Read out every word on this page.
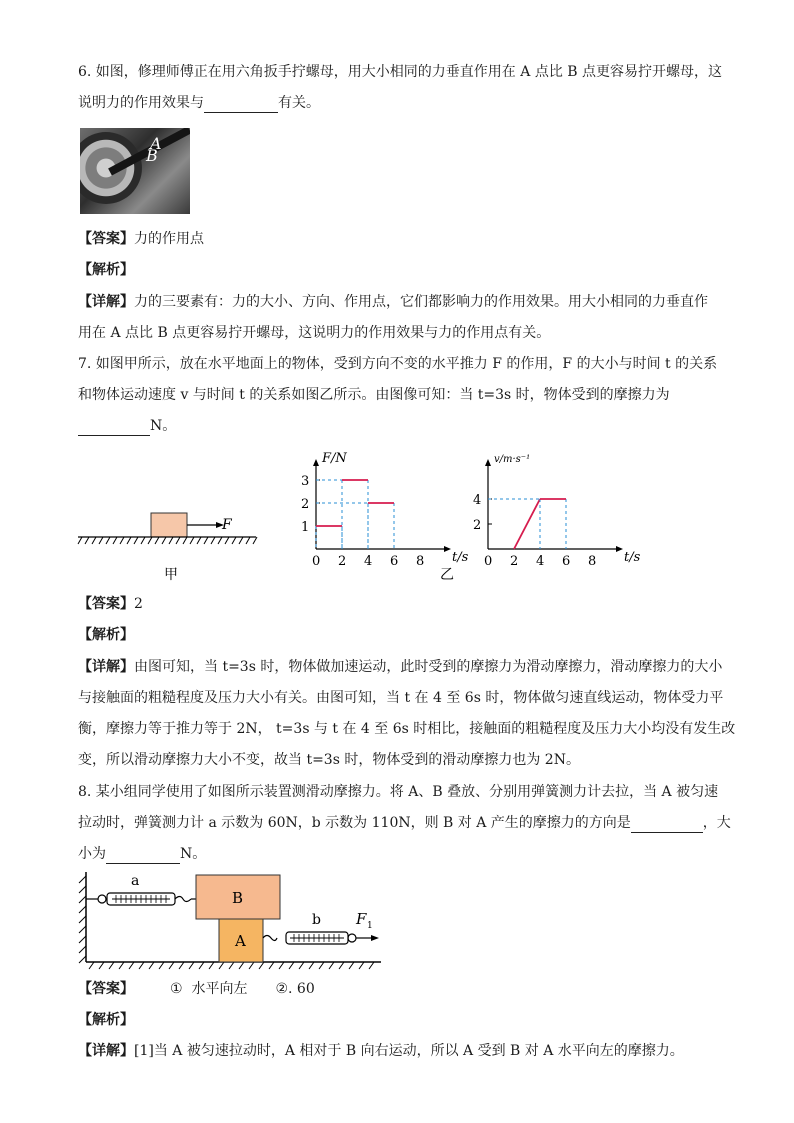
6. 如图，修理师傅正在用六角扳手拧螺母，用大小相同的力垂直作用在 A 点比 B 点更容易拧开螺母，这
说明力的作用效果与	有关。
A
B
【答案】力的作用点
【解析】
【详解】力的三要素有：力的大小、方向、作用点，它们都影响力的作用效果。用大小相同的力垂直作
用在 A 点比 B 点更容易拧开螺母，这说明力的作用效果与力的作用点有关。
7. 如图甲所示，放在水平地面上的物体，受到方向不变的水平推力 F 的作用，F 的大小与时间 t 的关系
和物体运动速度 v 与时间 t 的关系如图乙所示。由图像可知：当 t=3s 时，物体受到的摩擦力为
N。
F
甲
0 2 4 6 8
1
2
3
t/s
F/N
0 2 4 6 8
2
4
t/s
v/m·s⁻¹
乙
【答案】2
【解析】
【详解】由图可知，当 t=3s 时，物体做加速运动，此时受到的摩擦力为滑动摩擦力，滑动摩擦力的大小
与接触面的粗糙程度及压力大小有关。由图可知，当 t 在 4 至 6s 时，物体做匀速直线运动，物体受力平
衡，摩擦力等于推力等于 2N， t=3s 与 t 在 4 至 6s 时相比，接触面的粗糙程度及压力大小均没有发生改
变，所以滑动摩擦力大小不变，故当 t=3s 时，物体受到的滑动摩擦力也为 2N。
8. 某小组同学使用了如图所示装置测滑动摩擦力。将 A、B 叠放、分别用弹簧测力计去拉，当 A 被匀速
拉动时，弹簧测力计 a 示数为 60N，b 示数为 110N，则 B 对 A 产生的摩擦力的方向是	，大
小为	N。
a
B
A
b F 1
【答案】	① 水平向左 ②. 60
【解析】
【详解】[1]当 A 被匀速拉动时，A 相对于 B 向右运动，所以 A 受到 B 对 A 水平向左的摩擦力。
